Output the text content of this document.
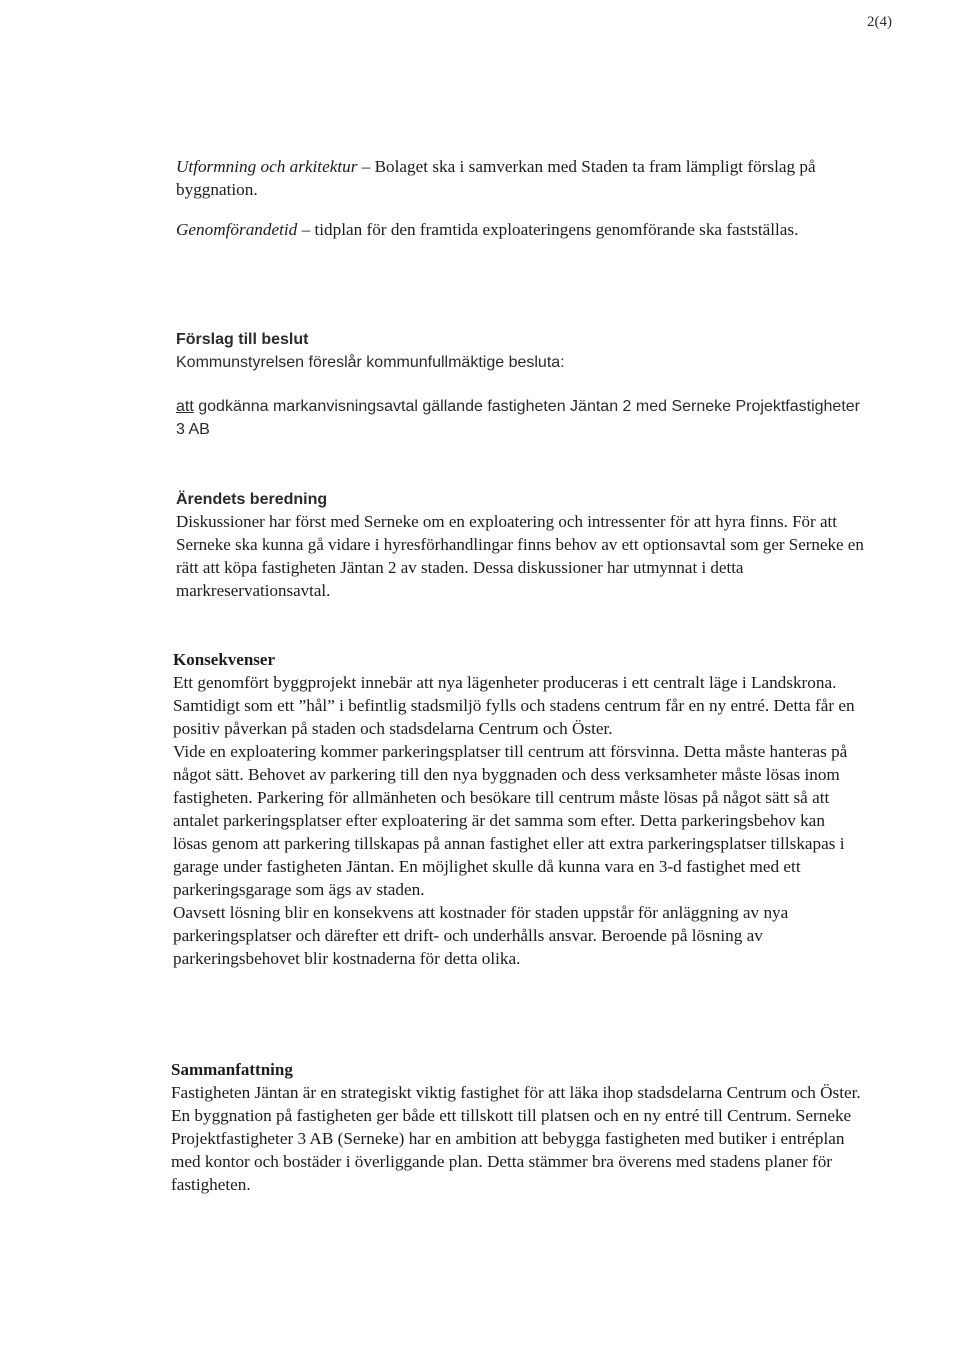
2(4)

Utformning och arkitektur – Bolaget ska i samverkan med Staden ta fram lämpligt förslag på byggnation.

Genomförandetid – tidplan för den framtida exploateringens genomförande ska fastställas.

Förslag till beslut

Kommunstyrelsen föreslår kommunfullmäktige besluta:

att godkänna markanvisningsavtal gällande fastigheten Jäntan 2 med Serneke Projektfastigheter 3 AB

Ärendets beredning

Diskussioner har först med Serneke om en exploatering och intressenter för att hyra finns. För att Serneke ska kunna gå vidare i hyresförhandlingar finns behov av ett optionsavtal som ger Serneke en rätt att köpa fastigheten Jäntan 2 av staden. Dessa diskussioner har utmynnat i detta markreservationsavtal.

Konsekvenser

Ett genomfört byggprojekt innebär att nya lägenheter produceras i ett centralt läge i Landskrona. Samtidigt som ett ”hål” i befintlig stadsmiljö fylls och stadens centrum får en ny entré. Detta får en positiv påverkan på staden och stadsdelarna Centrum och Öster.

Vide en exploatering kommer parkeringsplatser till centrum att försvinna. Detta måste hanteras på något sätt. Behovet av parkering till den nya byggnaden och dess verksamheter måste lösas inom fastigheten. Parkering för allmänheten och besökare till centrum måste lösas på något sätt så att antalet parkeringsplatser efter exploatering är det samma som efter. Detta parkeringsbehov kan lösas genom att parkering tillskapas på annan fastighet eller att extra parkeringsplatser tillskapas i garage under fastigheten Jäntan. En möjlighet skulle då kunna vara en 3-d fastighet med ett parkeringsgarage som ägs av staden.

Oavsett lösning blir en konsekvens att kostnader för staden uppstår för anläggning av nya parkeringsplatser och därefter ett drift- och underhålls ansvar. Beroende på lösning av parkeringsbehovet blir kostnaderna för detta olika.

Sammanfattning

Fastigheten Jäntan är en strategiskt viktig fastighet för att läka ihop stadsdelarna Centrum och Öster. En byggnation på fastigheten ger både ett tillskott till platsen och en ny entré till Centrum. Serneke Projektfastigheter 3 AB (Serneke) har en ambition att bebygga fastigheten med butiker i entréplan med kontor och bostäder i överliggande plan. Detta stämmer bra överens med stadens planer för fastigheten.
